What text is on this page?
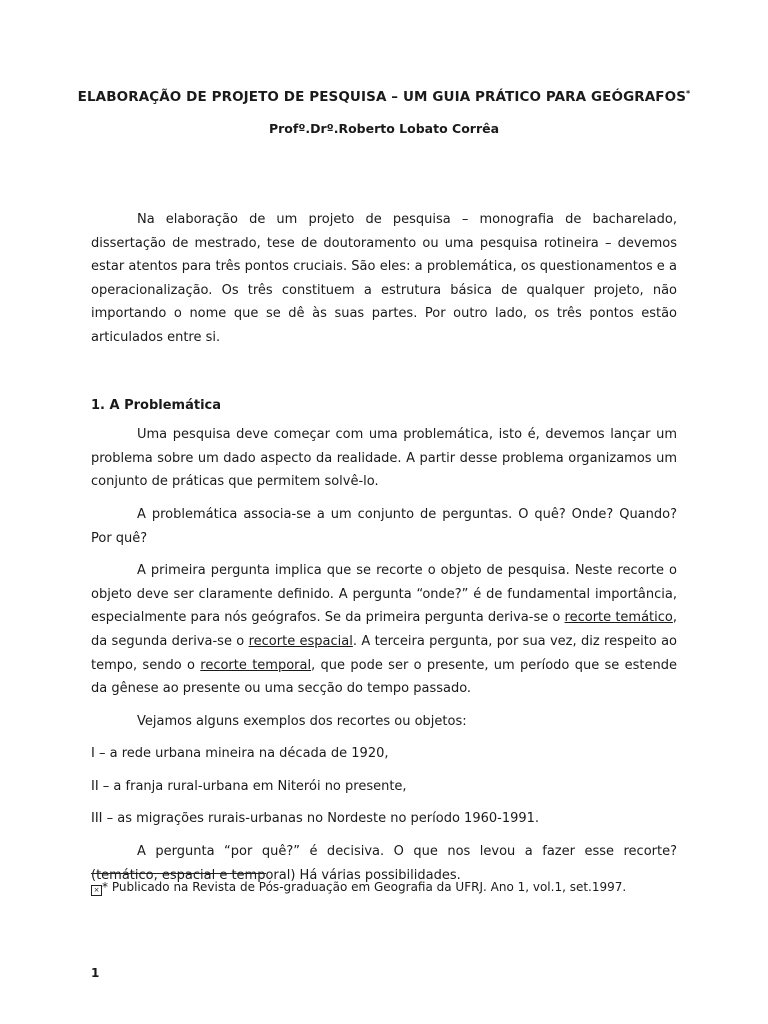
ELABORAÇÃO DE PROJETO DE PESQUISA – UM GUIA PRÁTICO PARA GEÓGRAFOS*
Profº.Drº.Roberto Lobato Corrêa

Na elaboração de um projeto de pesquisa – monografia de bacharelado, dissertação de mestrado, tese de doutoramento ou uma pesquisa rotineira – devemos estar atentos para três pontos cruciais. São eles: a problemática, os questionamentos e a operacionalização. Os três constituem a estrutura básica de qualquer projeto, não importando o nome que se dê às suas partes. Por outro lado, os três pontos estão articulados entre si.

1. A Problemática

Uma pesquisa deve começar com uma problemática, isto é, devemos lançar um problema sobre um dado aspecto da realidade. A partir desse problema organizamos um conjunto de práticas que permitem solvê-lo.

A problemática associa-se a um conjunto de perguntas. O quê? Onde? Quando? Por quê?

A primeira pergunta implica que se recorte o objeto de pesquisa. Neste recorte o objeto deve ser claramente definido. A pergunta “onde?” é de fundamental importância, especialmente para nós geógrafos. Se da primeira pergunta deriva-se o recorte temático, da segunda deriva-se o recorte espacial. A terceira pergunta, por sua vez, diz respeito ao tempo, sendo o recorte temporal, que pode ser o presente, um período que se estende da gênese ao presente ou uma secção do tempo passado.

Vejamos alguns exemplos dos recortes ou objetos:

I – a rede urbana mineira na década de 1920,

II – a franja rural-urbana em Niterói no presente,

III – as migrações rurais-urbanas no Nordeste no período 1960-1991.

A pergunta “por quê?” é decisiva. O que nos levou a fazer esse recorte? (temático, espacial e temporal) Há várias possibilidades.

× * Publicado na Revista de Pós-graduação em Geografia da UFRJ. Ano 1, vol.1, set.1997.
1
